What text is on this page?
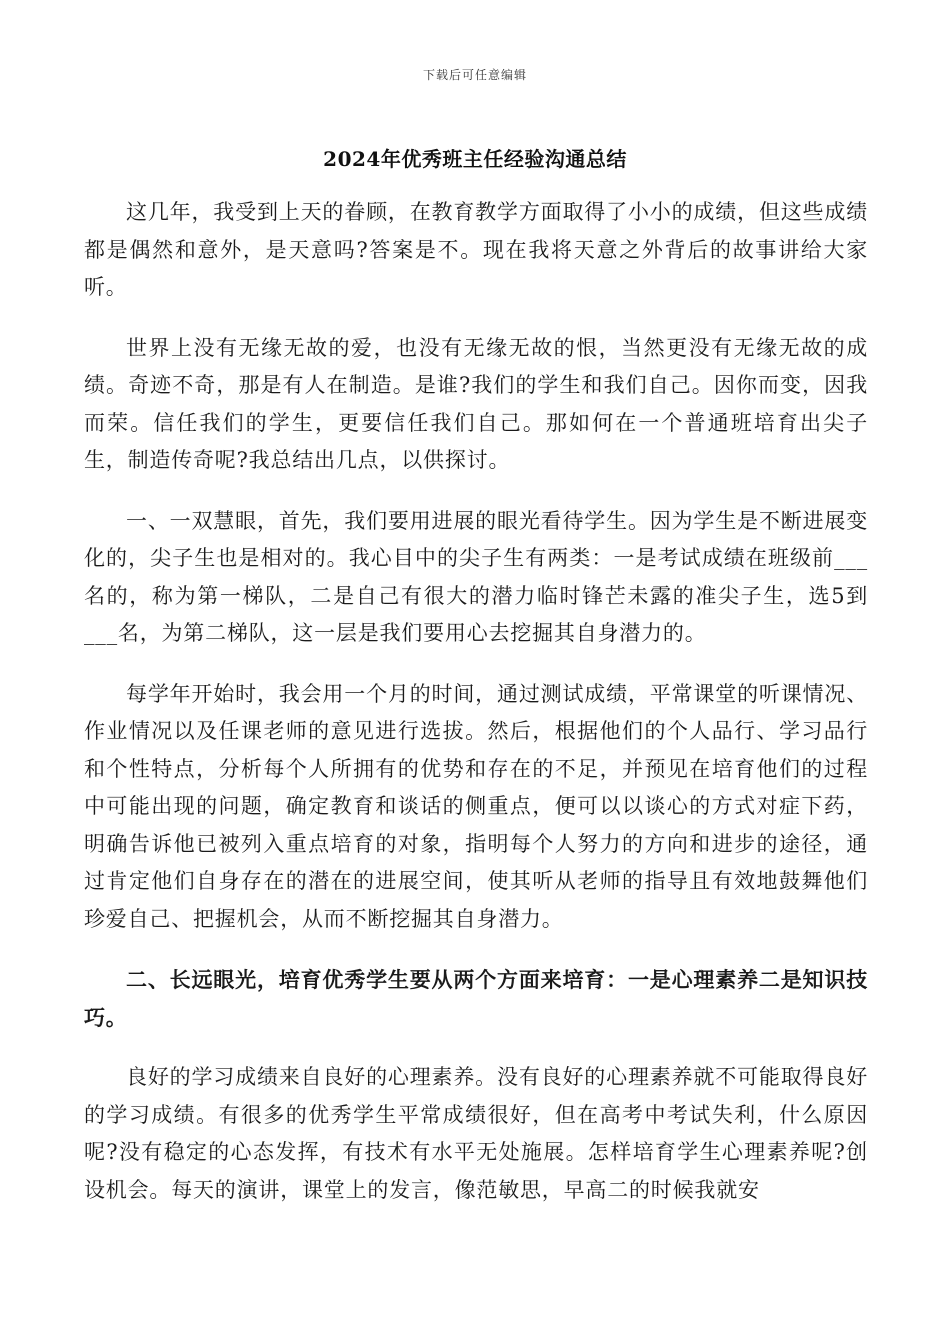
下载后可任意编辑
2024年优秀班主任经验沟通总结

这几年，我受到上天的眷顾，在教育教学方面取得了小小的成绩，但这些成绩都是偶然和意外，是天意吗?答案是不。现在我将天意之外背后的故事讲给大家听。

世界上没有无缘无故的爱，也没有无缘无故的恨，当然更没有无缘无故的成绩。奇迹不奇，那是有人在制造。是谁?我们的学生和我们自己。因你而变，因我而荣。信任我们的学生，更要信任我们自己。那如何在一个普通班培育出尖子生，制造传奇呢?我总结出几点，以供探讨。

一、一双慧眼，首先，我们要用进展的眼光看待学生。因为学生是不断进展变化的，尖子生也是相对的。我心目中的尖子生有两类：一是考试成绩在班级前___名的，称为第一梯队，二是自己有很大的潜力临时锋芒未露的准尖子生，选5到___名，为第二梯队，这一层是我们要用心去挖掘其自身潜力的。

每学年开始时，我会用一个月的时间，通过测试成绩，平常课堂的听课情况、作业情况以及任课老师的意见进行选拔。然后，根据他们的个人品行、学习品行和个性特点，分析每个人所拥有的优势和存在的不足，并预见在培育他们的过程中可能出现的问题，确定教育和谈话的侧重点，便可以以谈心的方式对症下药，明确告诉他已被列入重点培育的对象，指明每个人努力的方向和进步的途径，通过肯定他们自身存在的潜在的进展空间，使其听从老师的指导且有效地鼓舞他们珍爱自己、把握机会，从而不断挖掘其自身潜力。

二、长远眼光，培育优秀学生要从两个方面来培育：一是心理素养二是知识技巧。

良好的学习成绩来自良好的心理素养。没有良好的心理素养就不可能取得良好的学习成绩。有很多的优秀学生平常成绩很好，但在高考中考试失利，什么原因呢?没有稳定的心态发挥，有技术有水平无处施展。怎样培育学生心理素养呢?创设机会。每天的演讲，课堂上的发言，像范敏思，早高二的时候我就安
